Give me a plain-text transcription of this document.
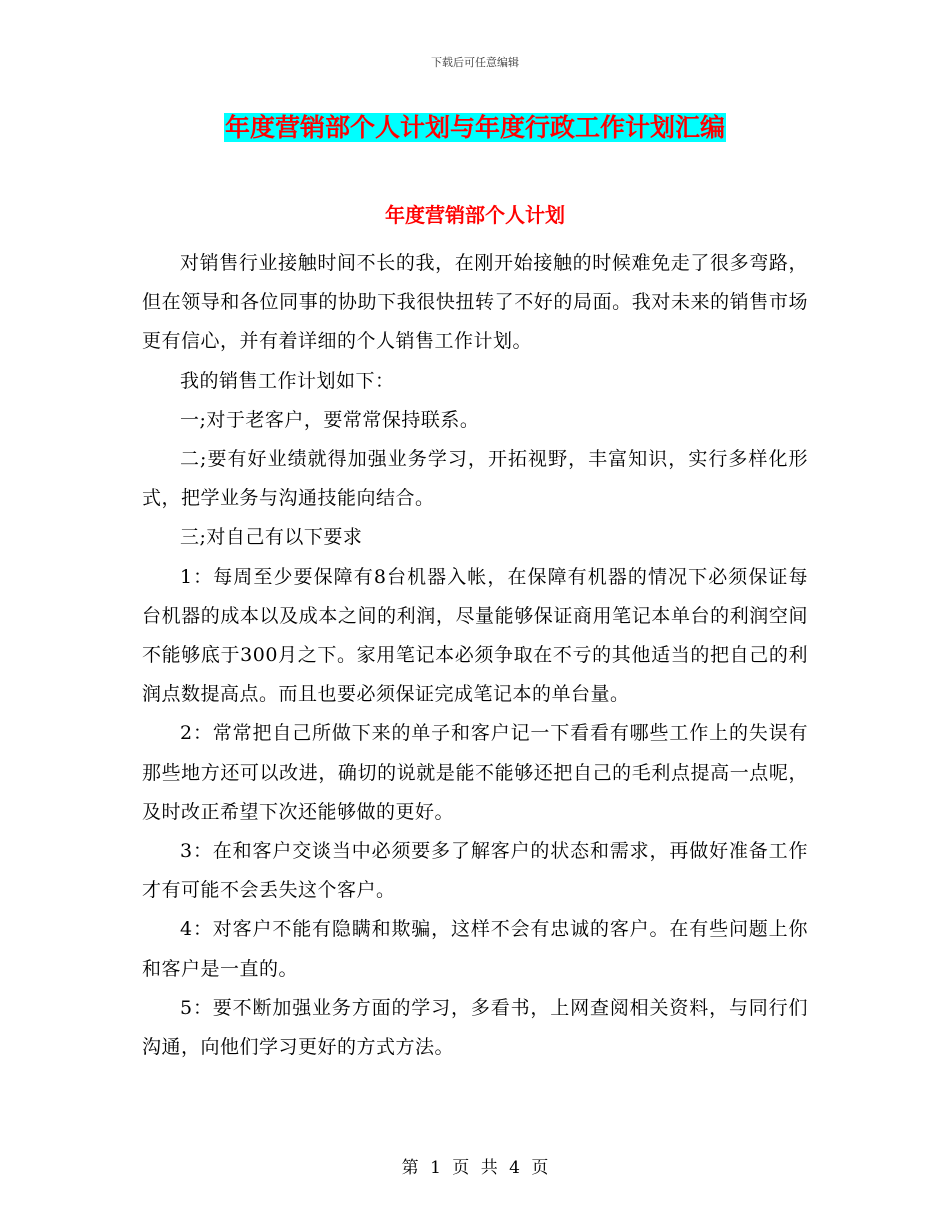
下载后可任意编辑
年度营销部个人计划与年度行政工作计划汇编
年度营销部个人计划

对销售行业接触时间不长的我，在刚开始接触的时候难免走了很多弯路，但在领导和各位同事的协助下我很快扭转了不好的局面。我对未来的销售市场更有信心，并有着详细的个人销售工作计划。

我的销售工作计划如下：

一;对于老客户，要常常保持联系。

二;要有好业绩就得加强业务学习，开拓视野，丰富知识，实行多样化形式，把学业务与沟通技能向结合。

三;对自己有以下要求

1：每周至少要保障有8台机器入帐，在保障有机器的情况下必须保证每台机器的成本以及成本之间的利润，尽量能够保证商用笔记本单台的利润空间不能够底于300月之下。家用笔记本必须争取在不亏的其他适当的把自己的利润点数提高点。而且也要必须保证完成笔记本的单台量。

2：常常把自己所做下来的单子和客户记一下看看有哪些工作上的失误有那些地方还可以改进，确切的说就是能不能够还把自己的毛利点提高一点呢，及时改正希望下次还能够做的更好。

3：在和客户交谈当中必须要多了解客户的状态和需求，再做好准备工作才有可能不会丢失这个客户。

4：对客户不能有隐瞒和欺骗，这样不会有忠诚的客户。在有些问题上你和客户是一直的。

5：要不断加强业务方面的学习，多看书，上网查阅相关资料，与同行们沟通，向他们学习更好的方式方法。

第 1 页 共 4 页
